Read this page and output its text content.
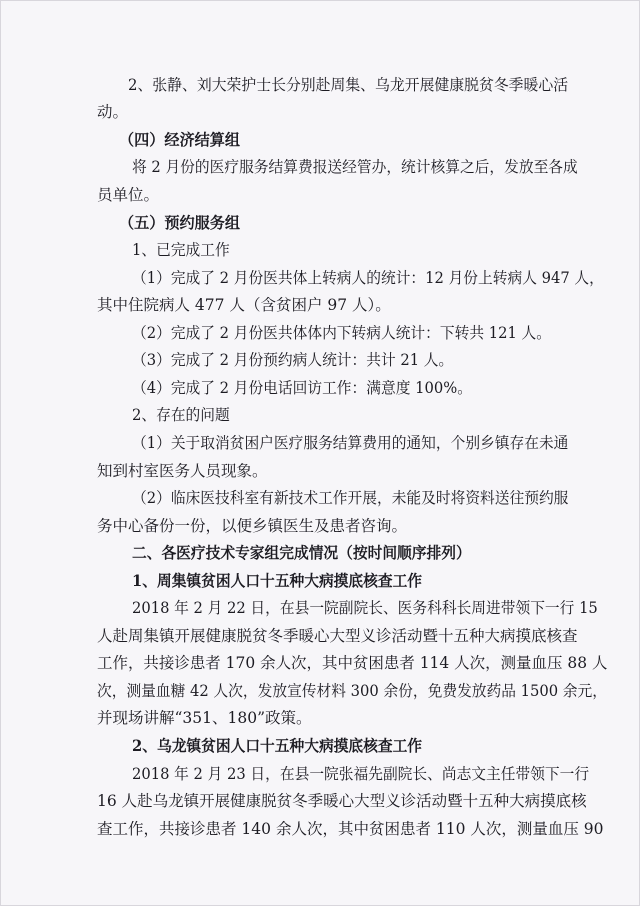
2、张静、刘大荣护士长分别赴周集、乌龙开展健康脱贫冬季暖心活
动。
（四）经济结算组
将 2 月份的医疗服务结算费报送经管办，统计核算之后，发放至各成
员单位。
（五）预约服务组
1、已完成工作
（1）完成了 2 月份医共体上转病人的统计：12 月份上转病人 947 人，
其中住院病人 477 人（含贫困户 97 人）。
（2）完成了 2 月份医共体体内下转病人统计：下转共 121 人。
（3）完成了 2 月份预约病人统计：共计 21 人。
（4）完成了 2 月份电话回访工作：满意度 100%。
2、存在的问题
（1）关于取消贫困户医疗服务结算费用的通知，个别乡镇存在未通
知到村室医务人员现象。
（2）临床医技科室有新技术工作开展，未能及时将资料送往预约服
务中心备份一份，以便乡镇医生及患者咨询。
二、各医疗技术专家组完成情况（按时间顺序排列）
1、周集镇贫困人口十五种大病摸底核查工作
2018 年 2 月 22 日，在县一院副院长、医务科科长周进带领下一行 15
人赴周集镇开展健康脱贫冬季暖心大型义诊活动暨十五种大病摸底核查
工作，共接诊患者 170 余人次，其中贫困患者 114 人次，测量血压 88 人
次，测量血糖 42 人次，发放宣传材料 300 余份，免费发放药品 1500 余元，
并现场讲解“351、180”政策。
2、乌龙镇贫困人口十五种大病摸底核查工作
2018 年 2 月 23 日，在县一院张福先副院长、尚志文主任带领下一行
16 人赴乌龙镇开展健康脱贫冬季暖心大型义诊活动暨十五种大病摸底核
查工作，共接诊患者 140 余人次，其中贫困患者 110 人次，测量血压 90
